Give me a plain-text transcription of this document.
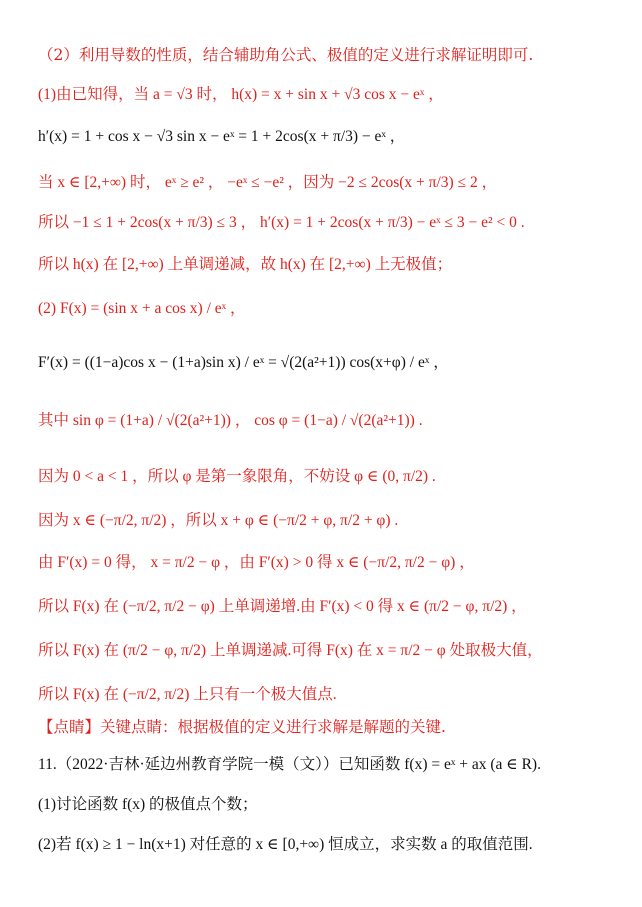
（2）利用导数的性质，结合辅助角公式、极值的定义进行求解证明即可.
(1)由已知得，当 a = √3 时， h(x) = x + sin x + √3 cos x − eˣ ，
h′(x) = 1 + cos x − √3 sin x − eˣ = 1 + 2cos(x + π/3) − eˣ ，
当 x ∈ [2,+∞) 时， eˣ ≥ e² ， −eˣ ≤ −e² ，因为 −2 ≤ 2cos(x + π/3) ≤ 2 ，
所以 −1 ≤ 1 + 2cos(x + π/3) ≤ 3 ， h′(x) = 1 + 2cos(x + π/3) − eˣ ≤ 3 − e² < 0 .
所以 h(x) 在 [2,+∞) 上单调递减，故 h(x) 在 [2,+∞) 上无极值；
(2) F(x) = (sin x + a cos x) / eˣ ，
F′(x) = ((1−a)cos x − (1+a)sin x) / eˣ = √(2(a²+1)) cos(x+φ) / eˣ ，
其中 sin φ = (1+a) / √(2(a²+1)) ， cos φ = (1−a) / √(2(a²+1)) .
因为 0 < a < 1 ，所以 φ 是第一象限角，不妨设 φ ∈ (0, π/2) .
因为 x ∈ (−π/2, π/2) ，所以 x + φ ∈ (−π/2 + φ, π/2 + φ) .
由 F′(x) = 0 得， x = π/2 − φ ，由 F′(x) > 0 得 x ∈ (−π/2, π/2 − φ) ，
所以 F(x) 在 (−π/2, π/2 − φ) 上单调递增.由 F′(x) < 0 得 x ∈ (π/2 − φ, π/2) ，
所以 F(x) 在 (π/2 − φ, π/2) 上单调递减.可得 F(x) 在 x = π/2 − φ 处取极大值，
所以 F(x) 在 (−π/2, π/2) 上只有一个极大值点.
【点睛】关键点睛：根据极值的定义进行求解是解题的关键.
11.（2022·吉林·延边州教育学院一模（文））已知函数 f(x) = eˣ + ax (a ∈ R).
(1)讨论函数 f(x) 的极值点个数；
(2)若 f(x) ≥ 1 − ln(x+1) 对任意的 x ∈ [0,+∞) 恒成立，求实数 a 的取值范围.
